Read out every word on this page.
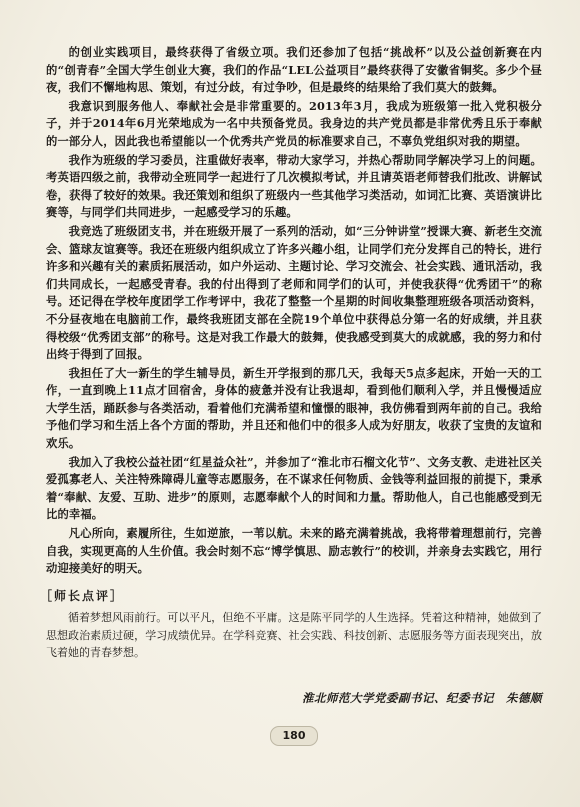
的创业实践项目，最终获得了省级立项。我们还参加了包括“挑战杯”以及公益创新赛在内的“创青春”全国大学生创业大赛，我们的作品“LEL公益项目”最终获得了安徽省铜奖。多少个昼夜，我们不懈地构思、策划，有过分歧，有过争吵，但是最终的结果给了我们莫大的鼓舞。

我意识到服务他人、奉献社会是非常重要的。2013年3月，我成为班级第一批入党积极分子，并于2014年6月光荣地成为一名中共预备党员。我身边的共产党员都是非常优秀且乐于奉献的一部分人，因此我也希望能以一个优秀共产党员的标准要求自己，不辜负党组织对我的期望。

我作为班级的学习委员，注重做好表率，带动大家学习，并热心帮助同学解决学习上的问题。考英语四级之前，我带动全班同学一起进行了几次模拟考试，并且请英语老师替我们批改、讲解试卷，获得了较好的效果。我还策划和组织了班级内一些其他学习类活动，如词汇比赛、英语演讲比赛等，与同学们共同进步，一起感受学习的乐趣。

我竞选了班级团支书，并在班级开展了一系列的活动，如“三分钟讲堂”授课大赛、新老生交流会、篮球友谊赛等。我还在班级内组织成立了许多兴趣小组，让同学们充分发挥自己的特长，进行许多和兴趣有关的素质拓展活动，如户外运动、主题讨论、学习交流会、社会实践、通讯活动，我们共同成长，一起感受青春。我的付出得到了老师和同学们的认可，并使我获得“优秀团干”的称号。还记得在学校年度团学工作考评中，我花了整整一个星期的时间收集整理班级各项活动资料，不分昼夜地在电脑前工作，最终我班团支部在全院19个单位中获得总分第一名的好成绩，并且获得校级“优秀团支部”的称号。这是对我工作最大的鼓舞，使我感受到莫大的成就感，我的努力和付出终于得到了回报。

我担任了大一新生的学生辅导员，新生开学报到的那几天，我每天5点多起床，开始一天的工作，一直到晚上11点才回宿舍，身体的疲惫并没有让我退却，看到他们顺利入学，并且慢慢适应大学生活，踊跃参与各类活动，看着他们充满希望和憧憬的眼神，我仿佛看到两年前的自己。我给予他们学习和生活上各个方面的帮助，并且还和他们中的很多人成为好朋友，收获了宝贵的友谊和欢乐。

我加入了我校公益社团“红星益众社”，并参加了“淮北市石榴文化节”、文务支教、走进社区关爱孤寡老人、关注特殊障碍儿童等志愿服务，在不谋求任何物质、金钱等利益回报的前提下，秉承着“奉献、友爱、互助、进步”的原则，志愿奉献个人的时间和力量。帮助他人，自己也能感受到无比的幸福。

凡心所向，素履所往，生如逆旅，一苇以航。未来的路充满着挑战，我将带着理想前行，完善自我，实现更高的人生价值。我会时刻不忘“博学慎思、励志敦行”的校训，并亲身去实践它，用行动迎接美好的明天。

［师长点评］

循着梦想风雨前行。可以平凡，但绝不平庸。这是陈平同学的人生选择。凭着这种精神，她做到了思想政治素质过硬，学习成绩优异。在学科竞赛、社会实践、科技创新、志愿服务等方面表现突出，放飞着她的青春梦想。

淮北师范大学党委副书记、纪委书记　朱德顺
180
